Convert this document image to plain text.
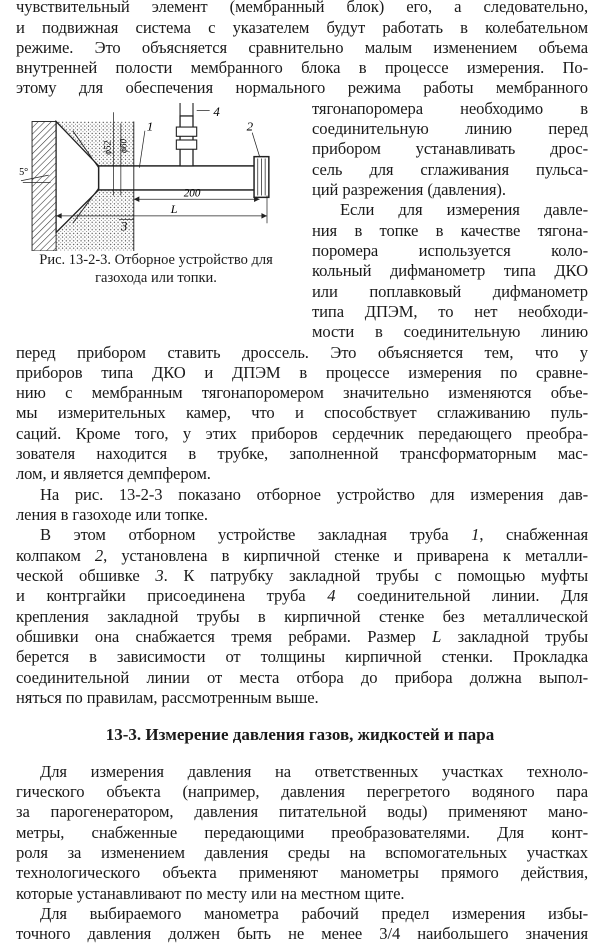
чувствительный элемент (мембранный блок) его, а следовательно,
и подвижная система с указателем будут работать в колебательном
режиме. Это объясняется сравнительно малым изменением объема
внутренней полости мембранного блока в процессе измерения. По-
этому для обеспечения нормального режима работы мембранного
тягонапоромера необходимо в
соединительную линию перед
прибором устанавливать дрос-
сель для сглаживания пульса-
ций разрежения (давления).
Если для измерения давле-
ния в топке в качестве тягона-
поромера используется коло-
кольный дифманометр типа ДКО
или поплавковый дифманометр
типа ДПЭМ, то нет необходи-
мости в соединительную линию
ϕ52 ϕ60
1	2
4
3
5°
200
L
Рис. 13-2-3. Отборное устройство для
газохода или топки.
перед прибором ставить дроссель. Это объясняется тем, что у
приборов типа ДКО и ДПЭМ в процессе измерения по сравне-
нию с мембранным тягонапоромером значительно изменяются объе-
мы измерительных камер, что и способствует сглаживанию пуль-
саций. Кроме того, у этих приборов сердечник передающего преобра-
зователя находится в трубке, заполненной трансформаторным мас-
лом, и является демпфером.
На рис. 13-2-3 показано отборное устройство для измерения дав-
ления в газоходе или топке.
В этом отборном устройстве закладная труба 1, снабженная
колпаком 2, установлена в кирпичной стенке и приварена к металли-
ческой обшивке 3. К патрубку закладной трубы с помощью муфты
и контргайки присоединена труба 4 соединительной линии. Для
крепления закладной трубы в кирпичной стенке без металлической
обшивки она снабжается тремя ребрами. Размер L закладной трубы
берется в зависимости от толщины кирпичной стенки. Прокладка
соединительной линии от места отбора до прибора должна выпол-
няться по правилам, рассмотренным выше.
13-3. Измерение давления газов, жидкостей и пара
Для измерения давления на ответственных участках техноло-
гического объекта (например, давления перегретого водяного пара
за парогенератором, давления питательной воды) применяют мано-
метры, снабженные передающими преобразователями. Для конт-
роля за изменением давления среды на вспомогательных участках
технологического объекта применяют манометры прямого действия,
которые устанавливают по месту или на местном щите.
Для выбираемого манометра рабочий предел измерения избы-
точного давления должен быть не менее 3/4 наибольшего значения
